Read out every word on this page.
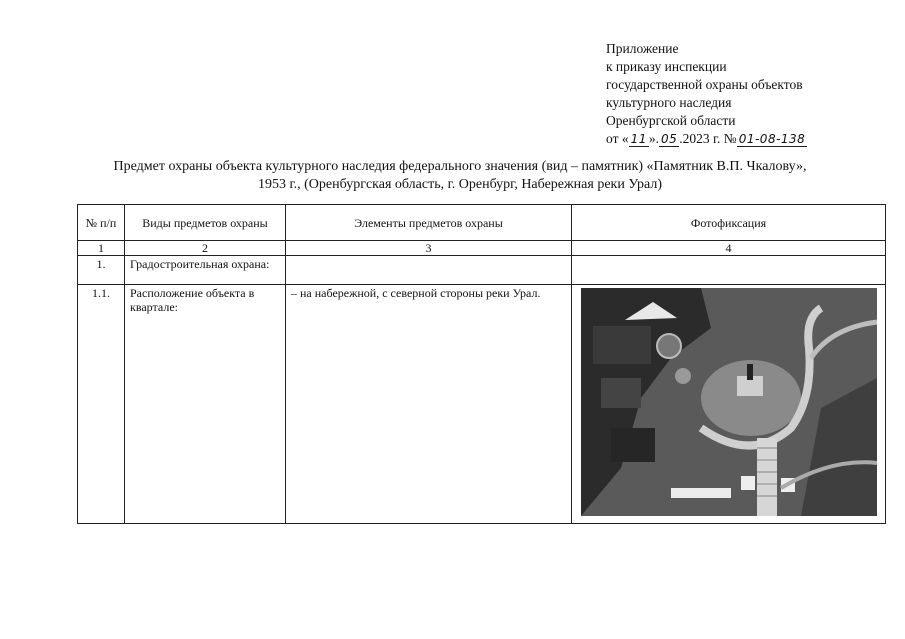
Приложение
к приказу инспекции
государственной охраны объектов
культурного наследия
Оренбургской области
от « 11 ». 05 .2023 г. № 01-08-138
Предмет охраны объекта культурного наследия федерального значения (вид – памятник) «Памятник В.П. Чкалову»,
1953 г., (Оренбургская область, г. Оренбург, Набережная реки Урал)
№ п/п	Виды предметов охраны	Элементы предметов охраны	Фотофиксация
1	2	3	4
1.	Градостроительная охрана:		
1.1.	Расположение объекта в квартале:	– на набережной, с северной стороны реки Урал.	
